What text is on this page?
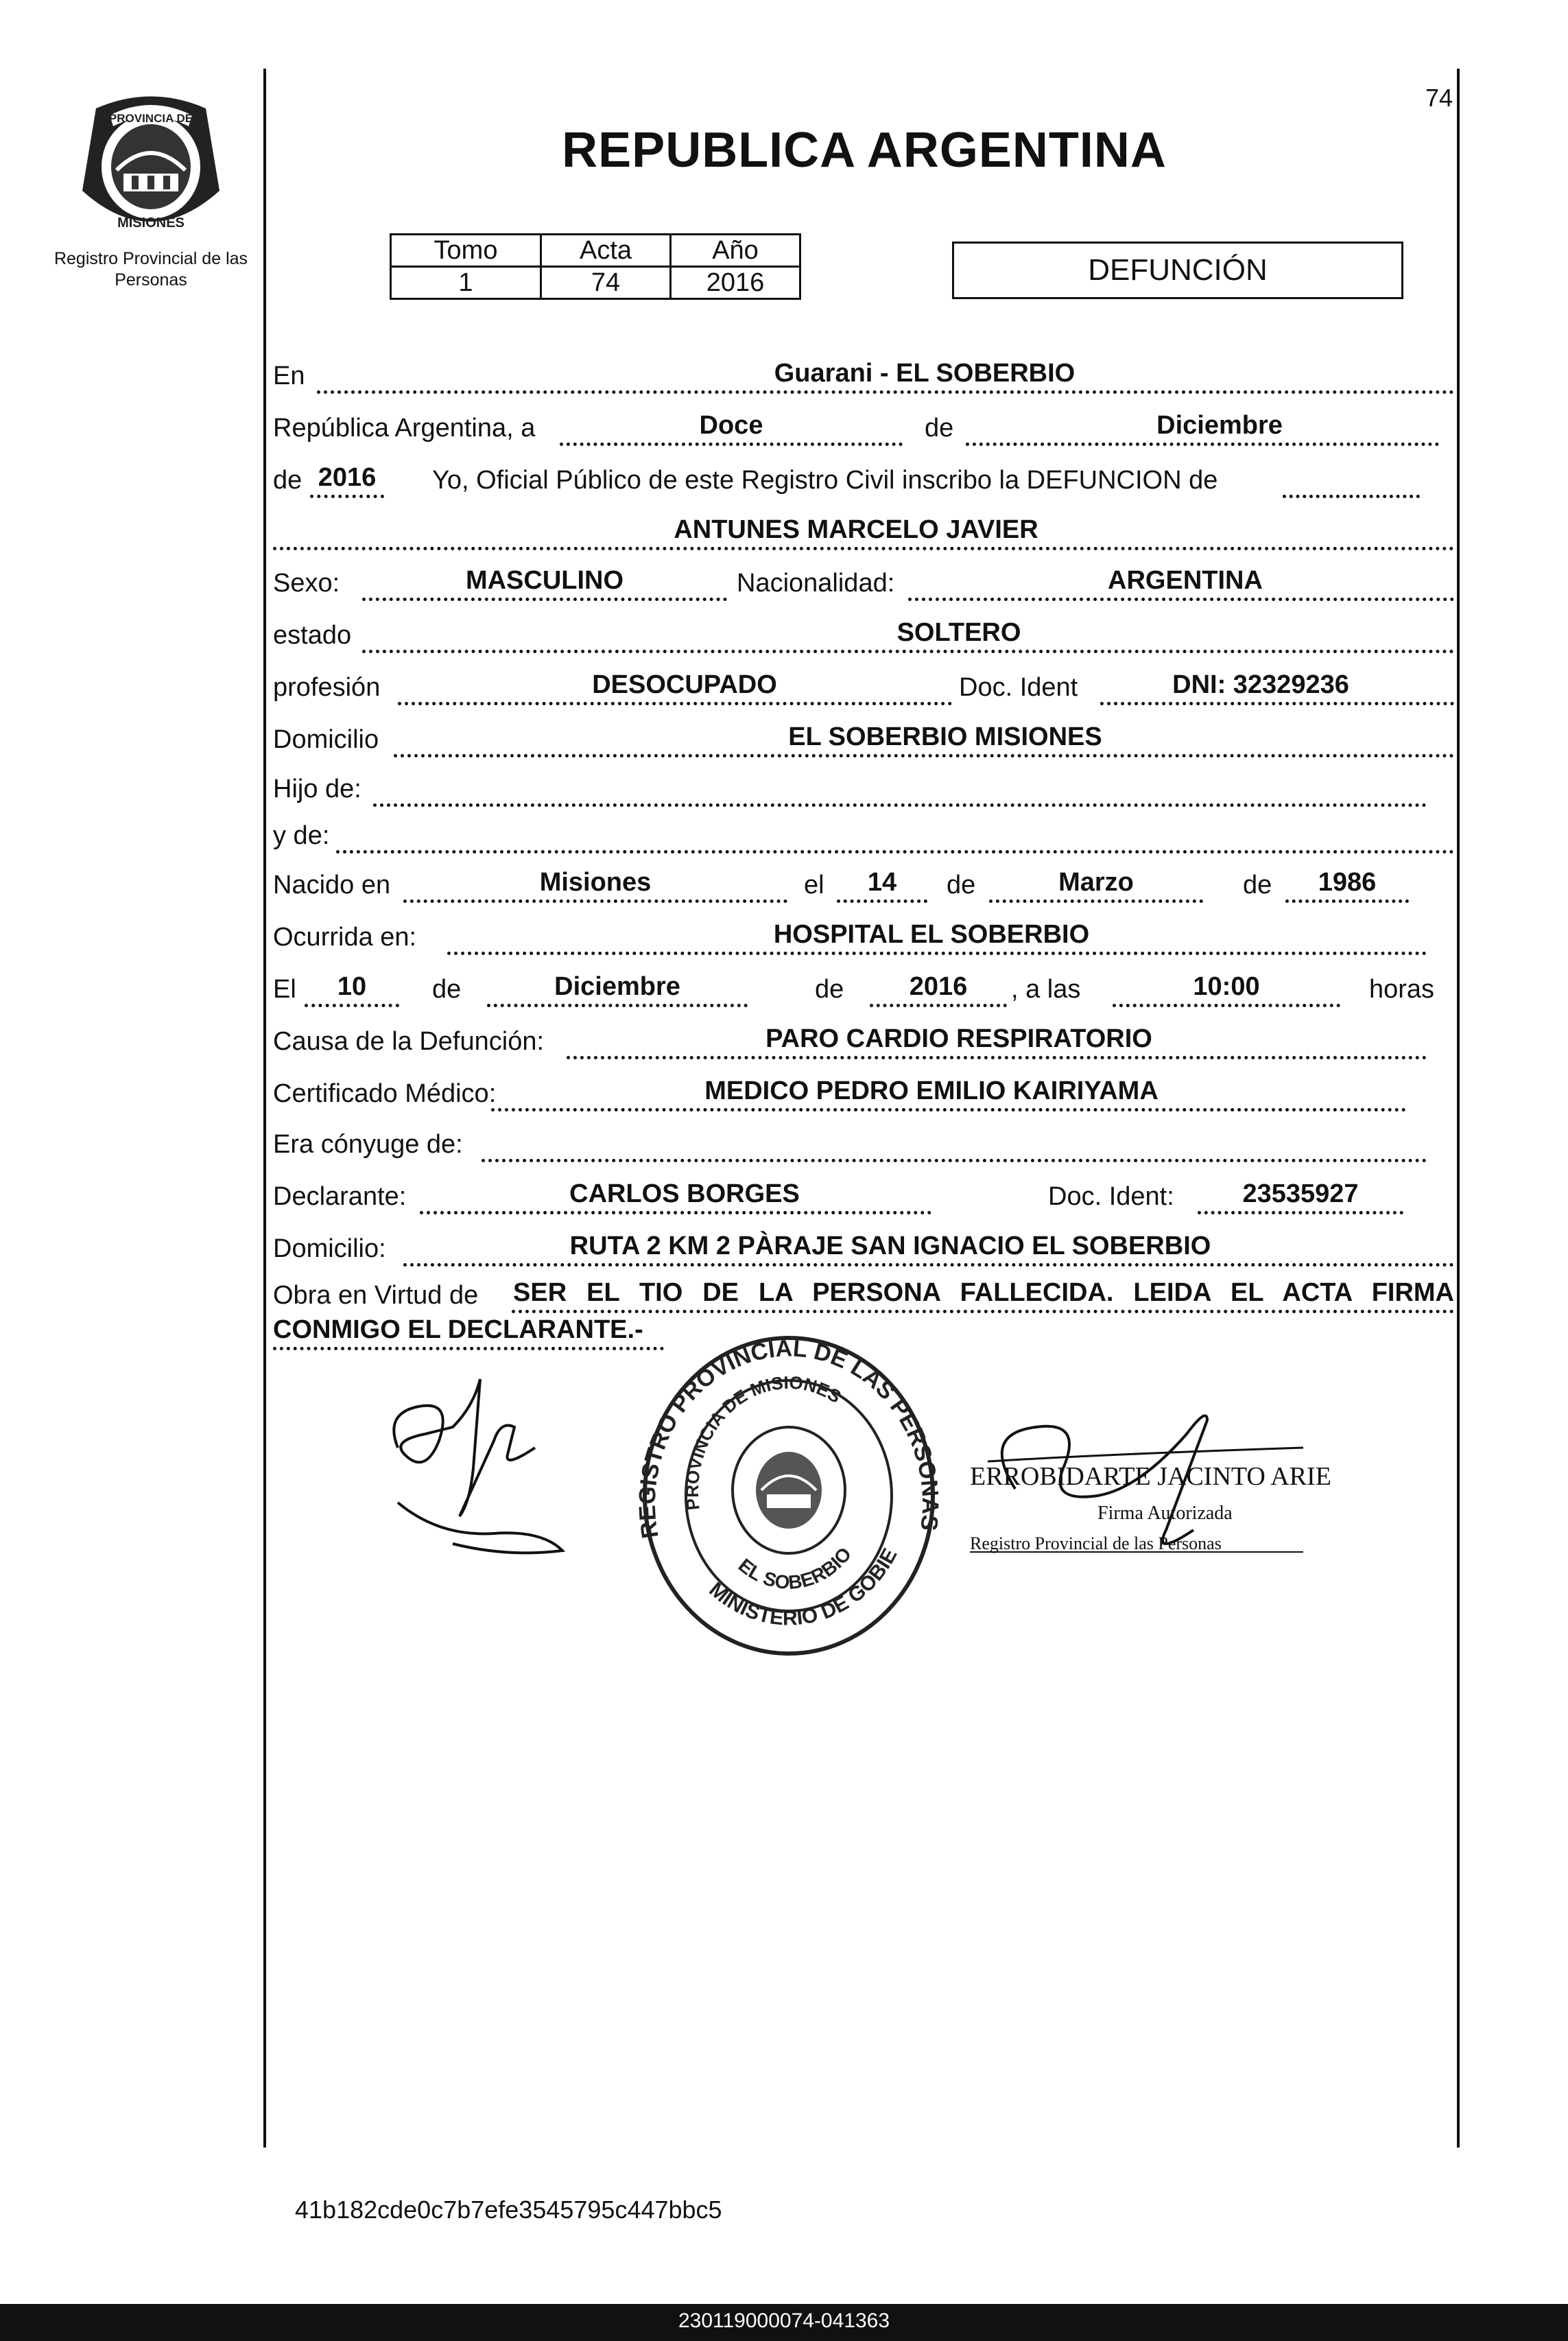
74
PROVINCIA DE
MISIONES
Registro Provincial de las Personas
REPUBLICA ARGENTINA
Tomo	Acta	Año
1	74	2016	DEFUNCIÓN
En	Guarani - EL SOBERBIO
República Argentina, a	Doce	de	Diciembre
de 2016	Yo, Oficial Público de este Registro Civil inscribo la DEFUNCION de
ANTUNES MARCELO JAVIER
Sexo:	MASCULINO	Nacionalidad:	ARGENTINA
estado	SOLTERO
profesión	DESOCUPADO	Doc. Ident	DNI: 32329236
Domicilio	EL SOBERBIO MISIONES
Hijo de:
y de:
Nacido en	Misiones	el	14	de	Marzo	de	1986
Ocurrida en:	HOSPITAL EL SOBERBIO
El	10	de	Diciembre	de	2016	, a las	10:00	horas
Causa de la Defunción:	PARO CARDIO RESPIRATORIO
Certificado Médico:	MEDICO PEDRO EMILIO KAIRIYAMA
Era cónyuge de:
Declarante:	CARLOS BORGES	Doc. Ident:	23535927
Domicilio:	RUTA 2 KM 2 PÀRAJE SAN IGNACIO EL SOBERBIO
Obra en Virtud de SER EL TIO DE LA PERSONA FALLECIDA. LEIDA EL ACTA FIRMA
CONMIGO EL DECLARANTE.-
R ISTRO PROVINCIAL DE LAS PERSO
PROVINCIA DE MISIONES
MINISTERIO DE GOBIE
EL SOBERBIO
ERROBIDARTE JACINTO ARIEL
Firma Autorizada
Registro Provincial de las Personas
41b182cde0c7b7efe3545795c447bbc5
230119000074-041363
